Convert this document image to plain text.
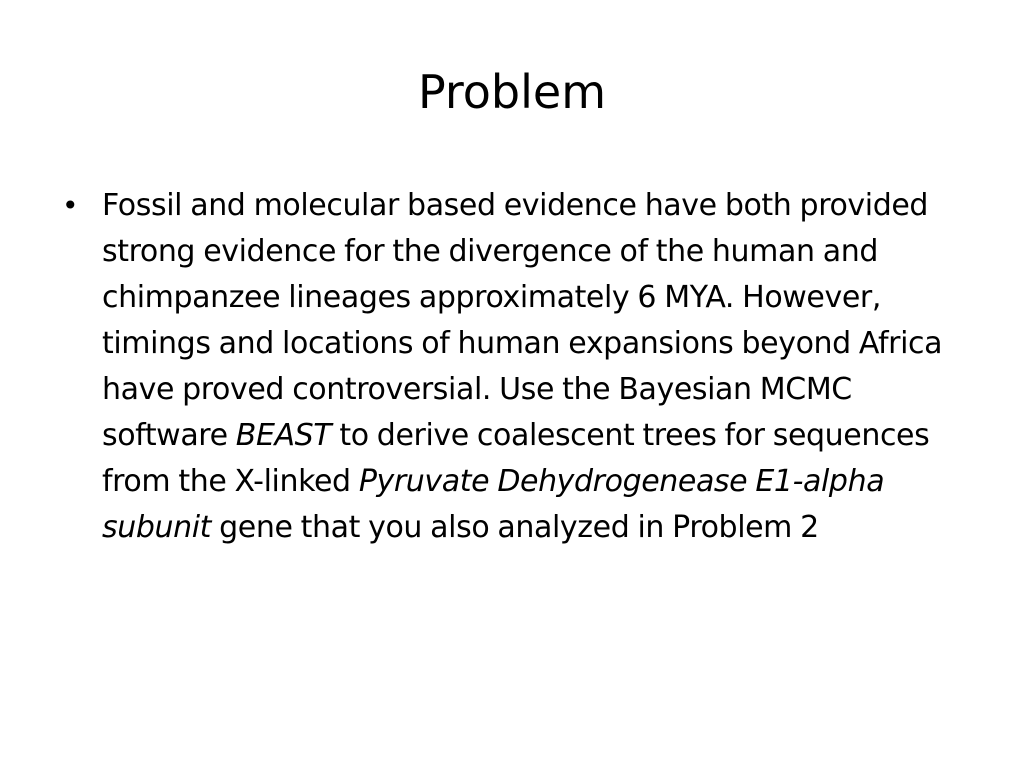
Problem
• Fossil and molecular based evidence have both provided strong evidence for the divergence of the human and chimpanzee lineages approximately 6 MYA. However, timings and locations of human expansions beyond Africa have proved controversial. Use the Bayesian MCMC software BEAST to derive coalescent trees for sequences from the X-linked Pyruvate Dehydrogenease E1-alpha subunit gene that you also analyzed in Problem 2
